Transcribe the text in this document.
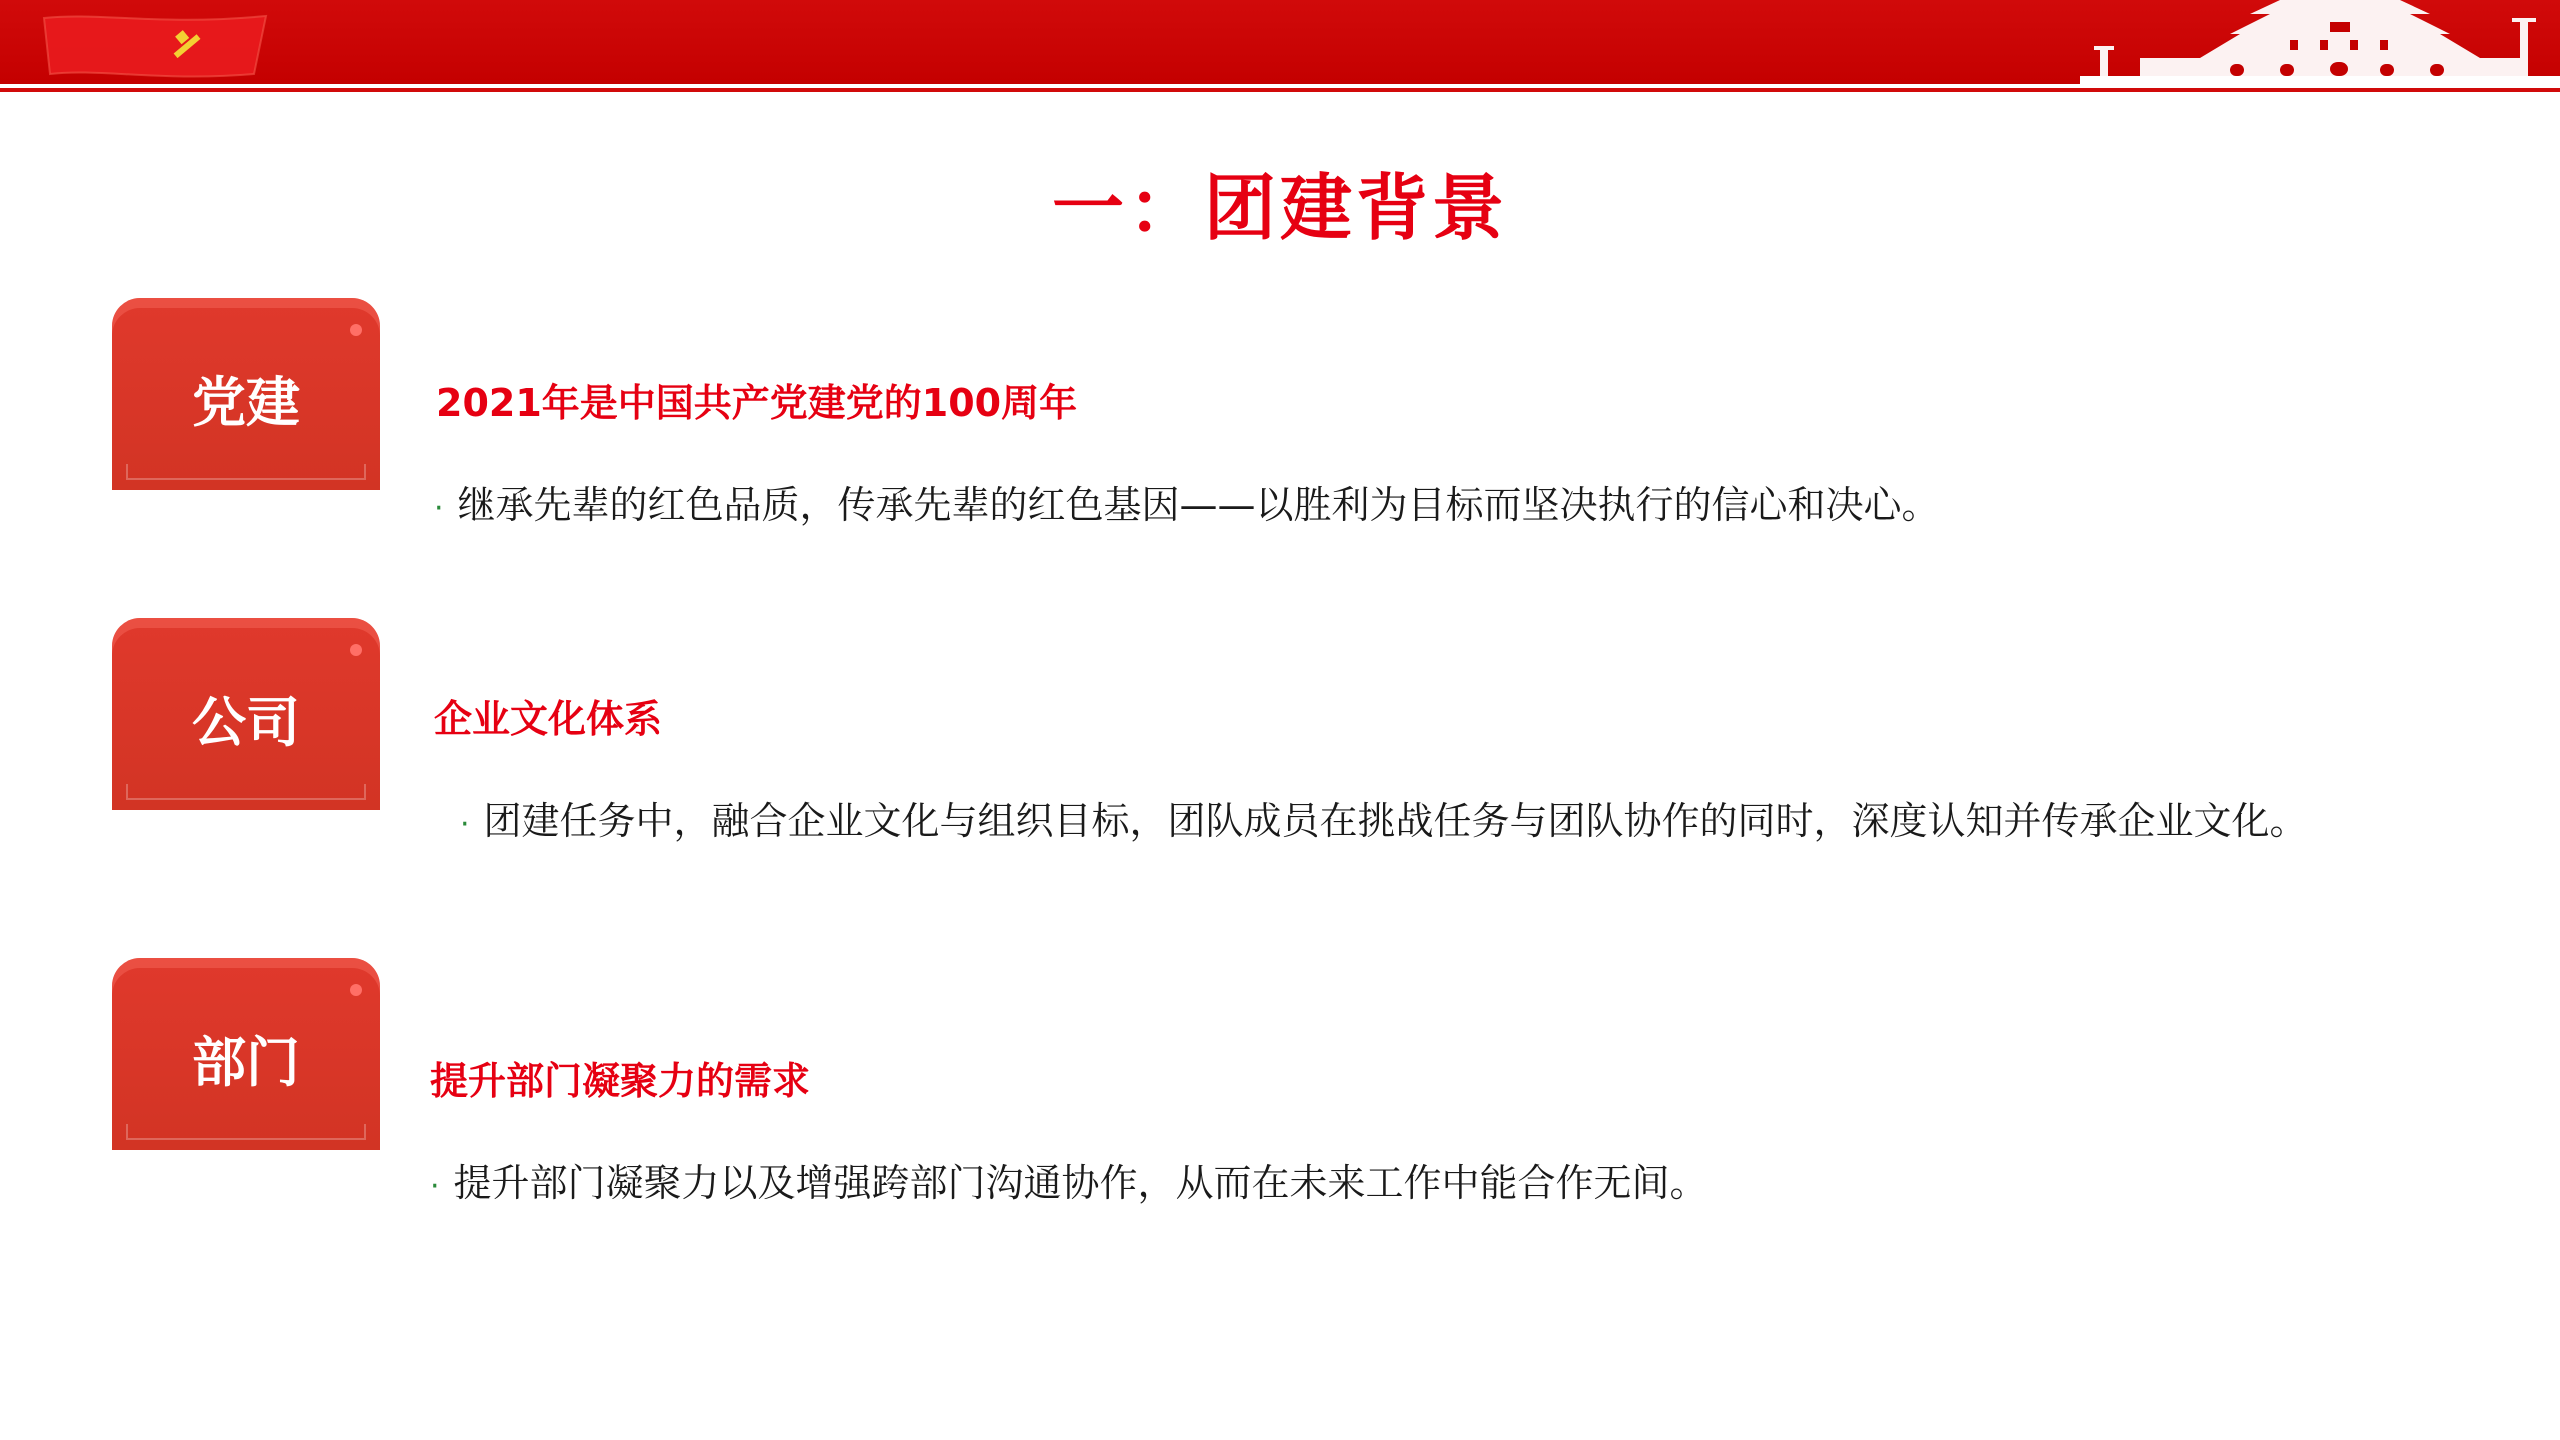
一：团建背景
党建	2021年是中国共产党建党的100周年
· 继承先辈的红色品质，传承先辈的红色基因——以胜利为目标而坚决执行的信心和决心。
公司	企业文化体系
· 团建任务中，融合企业文化与组织目标，团队成员在挑战任务与团队协作的同时，深度认知并传承企业文化。
部门	提升部门凝聚力的需求
· 提升部门凝聚力以及增强跨部门沟通协作，从而在未来工作中能合作无间。
